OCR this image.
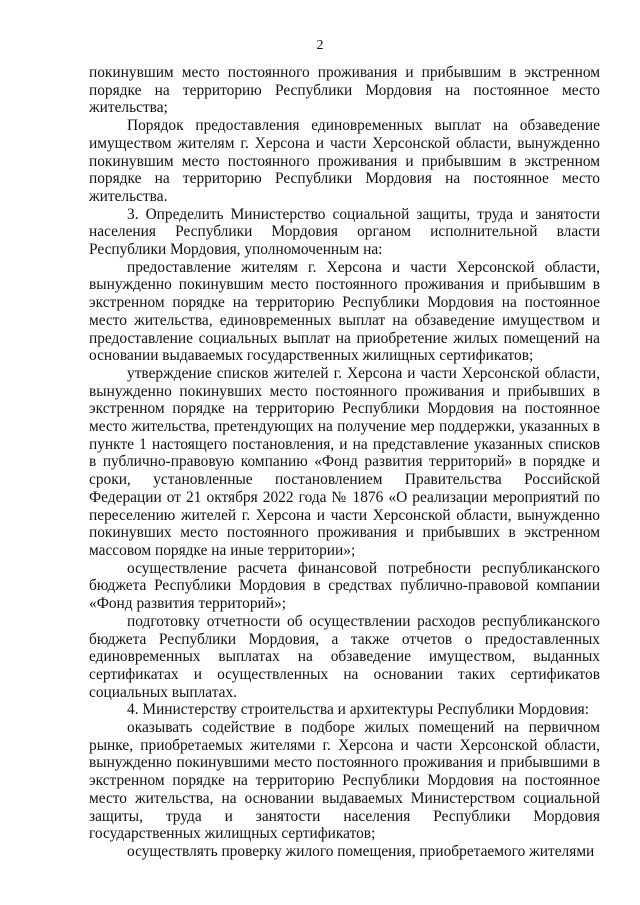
2

покинувшим место постоянного проживания и прибывшим в экстренном порядке на территорию Республики Мордовия на постоянное место жительства;

Порядок предоставления единовременных выплат на обзаведение имуществом жителям г. Херсона и части Херсонской области, вынужденно покинувшим место постоянного проживания и прибывшим в экстренном порядке на территорию Республики Мордовия на постоянное место жительства.

3. Определить Министерство социальной защиты, труда и занятости населения Республики Мордовия органом исполнительной власти Республики Мордовия, уполномоченным на:

предоставление жителям г. Херсона и части Херсонской области, вынужденно покинувшим место постоянного проживания и прибывшим в экстренном порядке на территорию Республики Мордовия на постоянное место жительства, единовременных выплат на обзаведение имуществом и предоставление социальных выплат на приобретение жилых помещений на основании выдаваемых государственных жилищных сертификатов;

утверждение списков жителей г. Херсона и части Херсонской области, вынужденно покинувших место постоянного проживания и прибывших в экстренном порядке на территорию Республики Мордовия на постоянное место жительства, претендующих на получение мер поддержки, указанных в пункте 1 настоящего постановления, и на представление указанных списков в публично-правовую компанию «Фонд развития территорий» в порядке и сроки, установленные постановлением Правительства Российской Федерации от 21 октября 2022 года № 1876 «О реализации мероприятий по переселению жителей г. Херсона и части Херсонской области, вынужденно покинувших место постоянного проживания и прибывших в экстренном массовом порядке на иные территории»;

осуществление расчета финансовой потребности республиканского бюджета Республики Мордовия в средствах публично-правовой компании «Фонд развития территорий»;

подготовку отчетности об осуществлении расходов республиканского бюджета Республики Мордовия, а также отчетов о предоставленных единовременных выплатах на обзаведение имуществом, выданных сертификатах и осуществленных на основании таких сертификатов социальных выплатах.

4. Министерству строительства и архитектуры Республики Мордовия:

оказывать содействие в подборе жилых помещений на первичном рынке, приобретаемых жителями г. Херсона и части Херсонской области, вынужденно покинувшими место постоянного проживания и прибывшими в экстренном порядке на территорию Республики Мордовия на постоянное место жительства, на основании выдаваемых Министерством социальной защиты, труда и занятости населения Республики Мордовия государственных жилищных сертификатов;

осуществлять проверку жилого помещения, приобретаемого жителями
